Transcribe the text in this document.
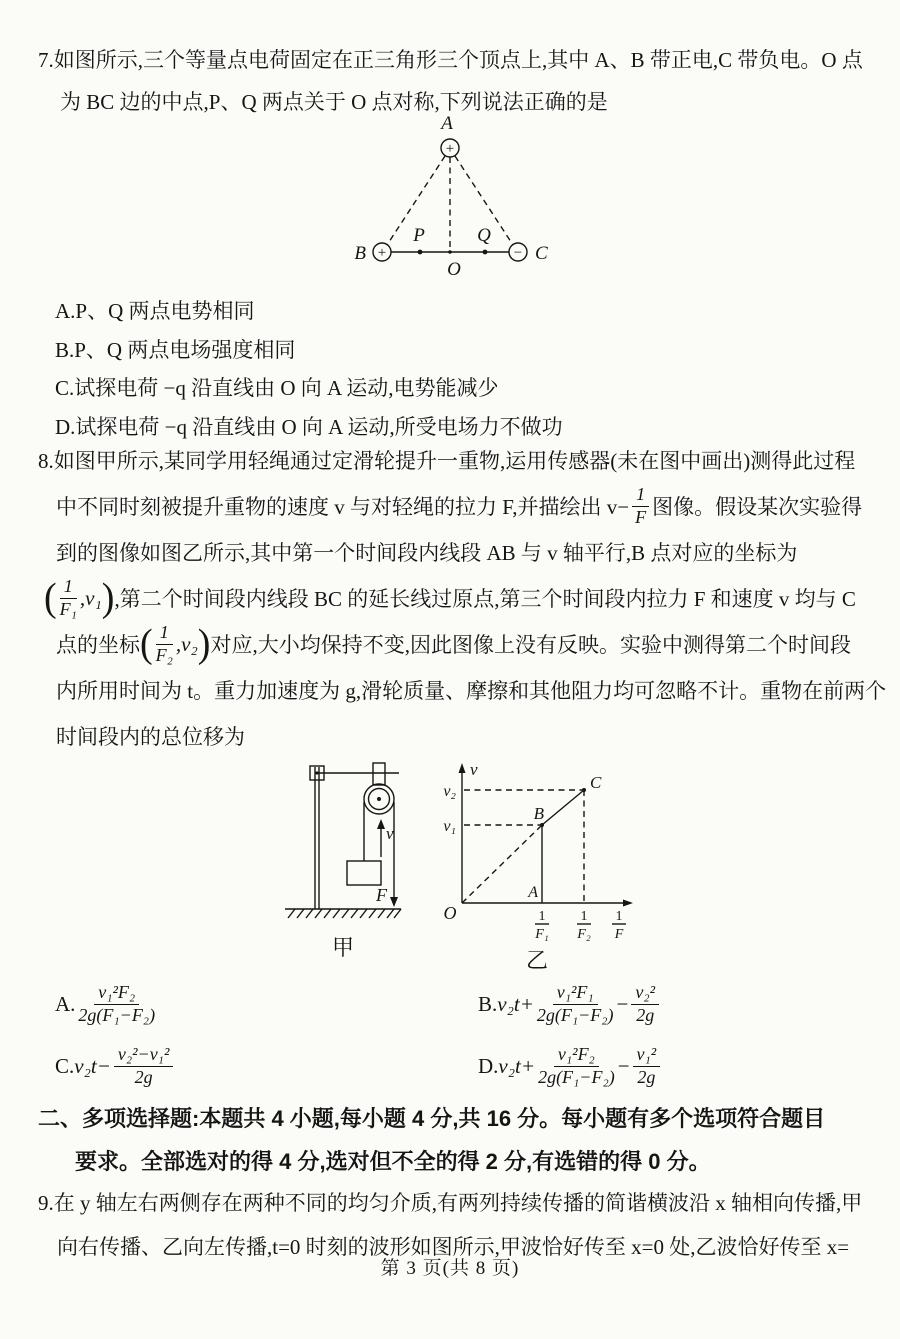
7.如图所示,三个等量点电荷固定在正三角形三个顶点上,其中 A、B 带正电,C 带负电。O 点
为 BC 边的中点,P、Q 两点关于 O 点对称,下列说法正确的是
+
+	−
A
B	C
P	Q
O
A.P、Q 两点电势相同
B.P、Q 两点电场强度相同
C.试探电荷 −q 沿直线由 O 向 A 运动,电势能减少
D.试探电荷 −q 沿直线由 O 向 A 运动,所受电场力不做功
8.如图甲所示,某同学用轻绳通过定滑轮提升一重物,运用传感器(未在图中画出)测得此过程
中不同时刻被提升重物的速度 v 与对轻绳的拉力 F,并描绘出 $v- \frac{1}{F}$ 图像。假设某次实验得
到的图像如图乙所示,其中第一个时间段内线段 AB 与 v 轴平行,B 点对应的坐标为
( $\frac{1}{\text{F₁}} ,v_1$ ) ,第二个时间段内线段 BC 的延长线过原点,第三个时间段内拉力 F 和速度 v 均与 C
点的坐标 ( $\frac{1}{\text{F₂}} ,v_2$ ) 对应,大小均保持不变,因此图像上没有反映。实验中测得第二个时间段
内所用时间为 t。重力加速度为 g,滑轮质量、摩擦和其他阻力均可忽略不计。重物在前两个
时间段内的总位移为
v
F
甲
v
v₂
v₁
O
A
B
C
1
F₁
1
F₂
1
F
乙
A. $\frac{\text{v₁²F₂}}{\text{2g(F₁−F₂)}}$	B. $v_2t+ \frac{\text{v₁²F₁}}{\text{2g(F₁−F₂)}} - \frac{\text{v₂²}}{2g}$
C. $v_2t- \frac{\text{v₂²−v₁²}}{2g}$	D. $v_2t+ \frac{\text{v₁²F₂}}{\text{2g(F₁−F₂)}} - \frac{\text{v₁²}}{2g}$
二、多项选择题:本题共 4 小题,每小题 4 分,共 16 分。每小题有多个选项符合题目
要求。全部选对的得 4 分,选对但不全的得 2 分,有选错的得 0 分。
9.在 y 轴左右两侧存在两种不同的均匀介质,有两列持续传播的简谐横波沿 x 轴相向传播,甲
向右传播、乙向左传播,t=0 时刻的波形如图所示,甲波恰好传至 x=0 处,乙波恰好传至 x=
第 3 页(共 8 页)
